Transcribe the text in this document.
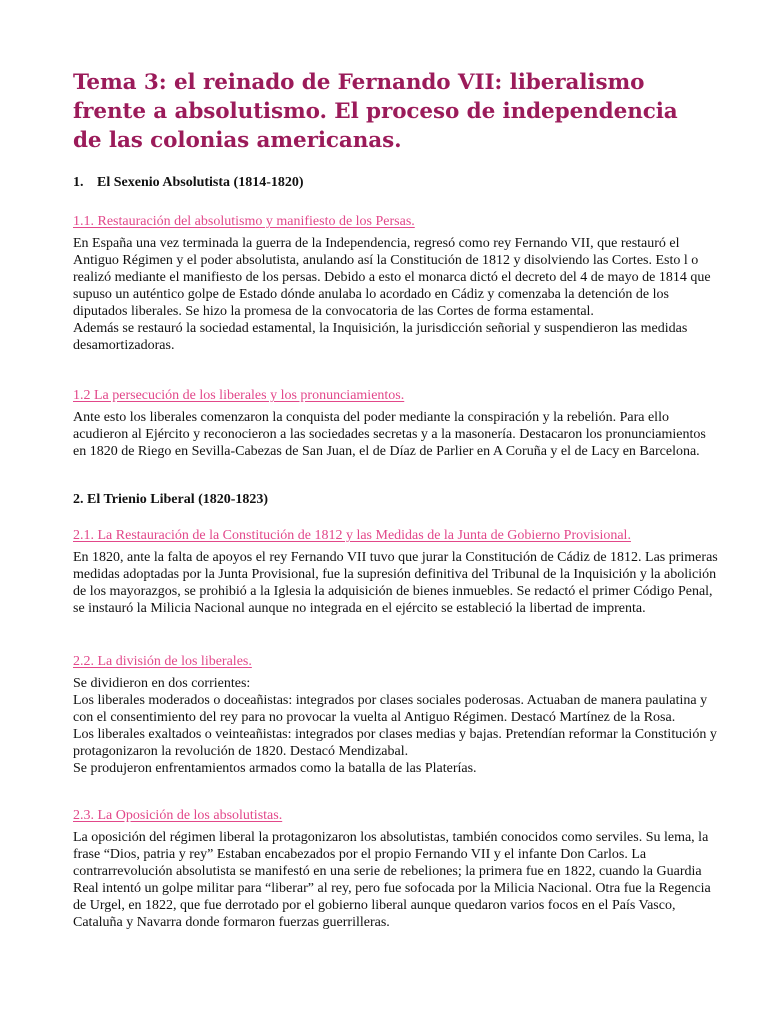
Tema 3: el reinado de Fernando VII: liberalismo frente a absolutismo. El proceso de independencia de las colonias americanas.

1. El Sexenio Absolutista (1814-1820)

1.1. Restauración del absolutismo y manifiesto de los Persas.

En España una vez terminada la guerra de la Independencia, regresó como rey Fernando VII, que restauró el Antiguo Régimen y el poder absolutista, anulando así la Constitución de 1812 y disolviendo las Cortes. Esto l o realizó mediante el manifiesto de los persas. Debido a esto el monarca dictó el decreto del 4 de mayo de 1814 que supuso un auténtico golpe de Estado dónde anulaba lo acordado en Cádiz y comenzaba la detención de los diputados liberales. Se hizo la promesa de la convocatoria de las Cortes de forma estamental.

Además se restauró la sociedad estamental, la Inquisición, la jurisdicción señorial y suspendieron las medidas desamortizadoras.

1.2 La persecución de los liberales y los pronunciamientos.

Ante esto los liberales comenzaron la conquista del poder mediante la conspiración y la rebelión. Para ello acudieron al Ejército y reconocieron a las sociedades secretas y a la masonería. Destacaron los pronunciamientos en 1820 de Riego en Sevilla-Cabezas de San Juan, el de Díaz de Parlier en A Coruña y el de Lacy en Barcelona.

2. El Trienio Liberal (1820-1823)

2.1. La Restauración de la Constitución de 1812 y las Medidas de la Junta de Gobierno Provisional.

En 1820, ante la falta de apoyos el rey Fernando VII tuvo que jurar la Constitución de Cádiz de 1812. Las primeras medidas adoptadas por la Junta Provisional, fue la supresión definitiva del Tribunal de la Inquisición y la abolición de los mayorazgos, se prohibió a la Iglesia la adquisición de bienes inmuebles. Se redactó el primer Código Penal, se instauró la Milicia Nacional aunque no integrada en el ejército se estableció la libertad de imprenta.

2.2. La división de los liberales.

Se dividieron en dos corrientes:

Los liberales moderados o doceañistas: integrados por clases sociales poderosas. Actuaban de manera paulatina y con el consentimiento del rey para no provocar la vuelta al Antiguo Régimen. Destacó Martínez de la Rosa.

Los liberales exaltados o veinteañistas: integrados por clases medias y bajas. Pretendían reformar la Constitución y protagonizaron la revolución de 1820. Destacó Mendizabal.

Se produjeron enfrentamientos armados como la batalla de las Platerías.

2.3. La Oposición de los absolutistas.

La oposición del régimen liberal la protagonizaron los absolutistas, también conocidos como serviles. Su lema, la frase “Dios, patria y rey” Estaban encabezados por el propio Fernando VII y el infante Don Carlos. La contrarrevolución absolutista se manifestó en una serie de rebeliones; la primera fue en 1822, cuando la Guardia Real intentó un golpe militar para “liberar” al rey, pero fue sofocada por la Milicia Nacional. Otra fue la Regencia de Urgel, en 1822, que fue derrotado por el gobierno liberal aunque quedaron varios focos en el País Vasco, Cataluña y Navarra donde formaron fuerzas guerrilleras.
